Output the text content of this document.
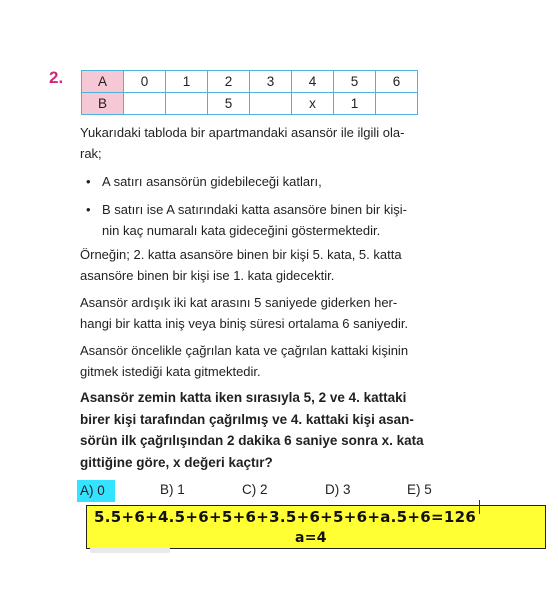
2.	A	0	1	2	3	4	5	6
B			5		x	1	
Yukarıdaki tabloda bir apartmandaki asansör ile ilgili ola-
rak;
• A satırı asansörün gidebileceği katları,
• B satırı ise A satırındaki katta asansöre binen bir kişi-
nin kaç numaralı kata gideceğini göstermektedir.
Örneğin; 2. katta asansöre binen bir kişi 5. kata, 5. katta
asansöre binen bir kişi ise 1. kata gidecektir.
Asansör ardışık iki kat arasını 5 saniyede giderken her-
hangi bir katta iniş veya biniş süresi ortalama 6 saniyedir.
Asansör öncelikle çağrılan kata ve çağrılan kattaki kişinin
gitmek istediği kata gitmektedir.
Asansör zemin katta iken sırasıyla 5, 2 ve 4. kattaki
birer kişi tarafından çağrılmış ve 4. kattaki kişi asan-
sörün ilk çağrılışından 2 dakika 6 saniye sonra x. kata
gittiğine göre, x değeri kaçtır?
A) 0	B) 1	C) 2	D) 3	E) 5
5.5+6+4.5+6+5+6+3.5+6+5+6+a.5+6=126
a=4
